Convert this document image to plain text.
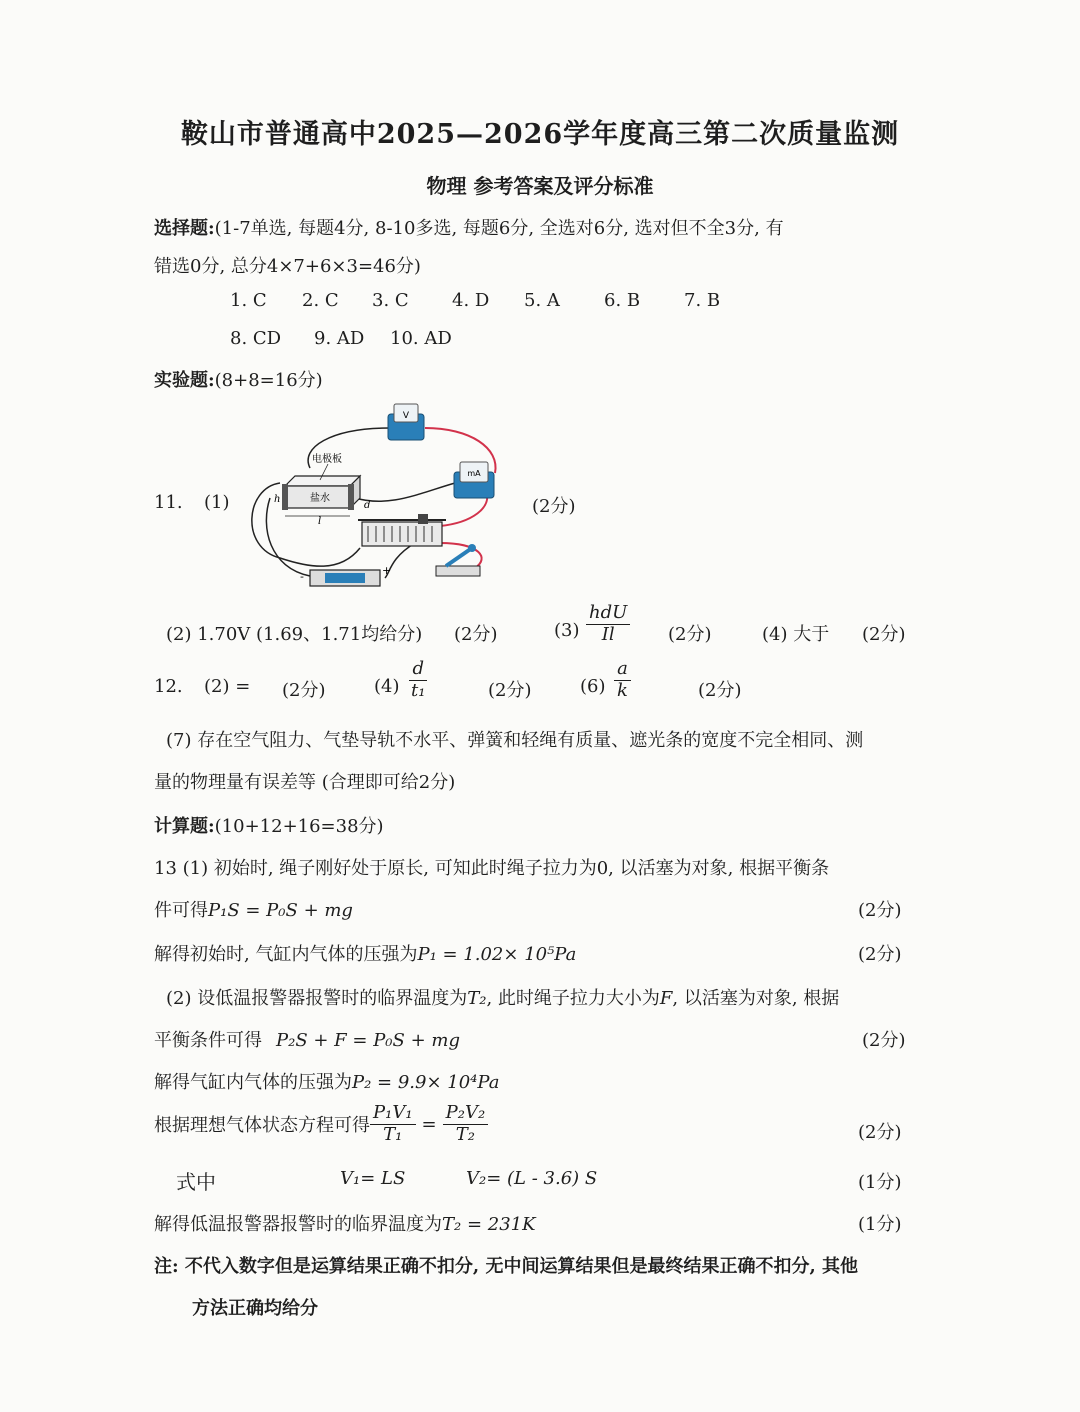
鞍山市普通高中2025—2026学年度高三第二次质量监测
物理 参考答案及评分标准
选择题:(1-7单选, 每题4分, 8-10多选, 每题6分, 全选对6分, 选对但不全3分, 有
错选0分, 总分4×7+6×3=46分)
1. C 2. C 3. C 4. D 5. A 6. B 7. B
8. CD 9. AD 10. AD
实验题:(8+8=16分)
11. (1)	(2分)
V
mA
电极板
盐水
l
d
h
-	+
(2) 1.70V (1.69、1.71均给分) (2分)	$(3) \frac{\text{hdU}}{Il} (2$分)	(4) 大于 (2分)
12. (2) = (2分)	$(4) \frac{d}{\text{t₁}}$	(2分)	$(6) \frac{a}{k}$	(2分)
(7) 存在空气阻力、气垫导轨不水平、弹簧和轻绳有质量、遮光条的宽度不完全相同、测
量的物理量有误差等 (合理即可给2分)
计算题:(10+12+16=38分)
13 (1) 初始时, 绳子刚好处于原长, 可知此时绳子拉力为0, 以活塞为对象, 根据平衡条
件可得P₁S = P₀S + mg	(2分)
解得初始时, 气缸内气体的压强为P₁ = 1.02× 10⁵Pa	(2分)
(2) 设低温报警器报警时的临界温度为T₂, 此时绳子拉力大小为F, 以活塞为对象, 根据
平衡条件可得 P₂S + F = P₀S + mg	(2分)
解得气缸内气体的压强为P₂ = 9.9× 10⁴Pa
根据理想气体状态方程可得 $\frac{\text{P₁V₁}}{\text{T₁}} = \frac{\text{P₂V₂}}{\text{T₂}}$	(2分)
式中	V₁= LS	V₂= (L - 3.6) S	(1分)
解得低温报警器报警时的临界温度为T₂ = 231K	(1分)
注: 不代入数字但是运算结果正确不扣分, 无中间运算结果但是最终结果正确不扣分, 其他
方法正确均给分
